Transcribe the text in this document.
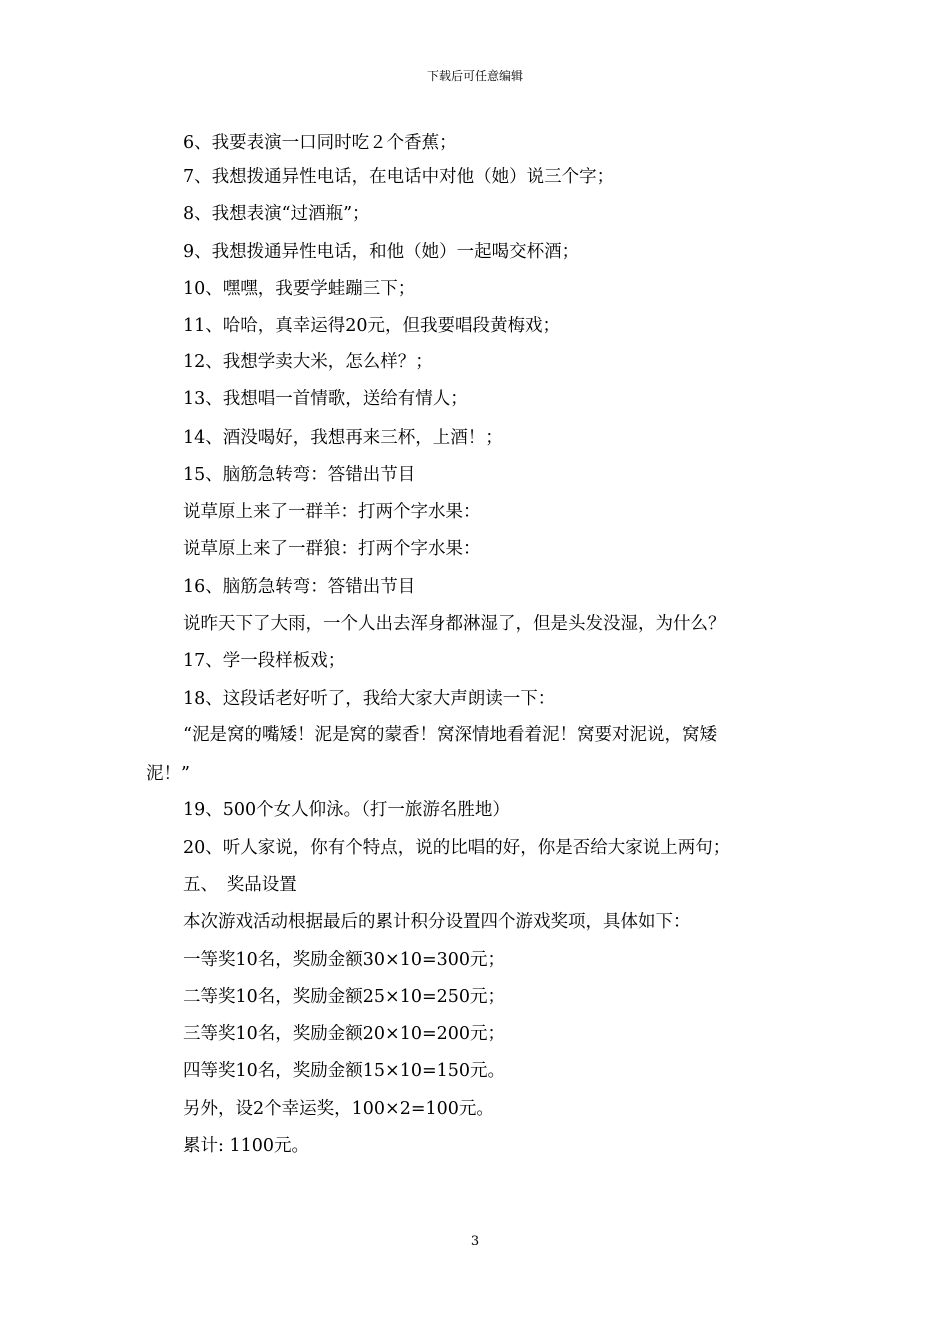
下载后可任意编辑
6、我要表演一口同时吃２个香蕉；
7、我想拨通异性电话，在电话中对他（她）说三个字；
8、我想表演“过酒瓶”；
9、我想拨通异性电话，和他（她）一起喝交杯酒；
10、嘿嘿，我要学蛙蹦三下；
11、哈哈，真幸运得20元，但我要唱段黄梅戏；
12、我想学卖大米，怎么样？；
13、我想唱一首情歌，送给有情人；
14、酒没喝好，我想再来三杯，上酒！；
15、脑筋急转弯：答错出节目
说草原上来了一群羊：打两个字水果：
说草原上来了一群狼：打两个字水果：
16、脑筋急转弯：答错出节目
说昨天下了大雨，一个人出去浑身都淋湿了，但是头发没湿，为什么？
17、学一段样板戏；
18、这段话老好听了，我给大家大声朗读一下：
“泥是窝的嘴矮！泥是窝的蒙香！窝深情地看着泥！窝要对泥说，窝矮
泥！”
19、500个女人仰泳。（打一旅游名胜地）
20、听人家说，你有个特点，说的比唱的好，你是否给大家说上两句；
五、　奖品设置
本次游戏活动根据最后的累计积分设置四个游戏奖项，具体如下：
一等奖10名，奖励金额30×10=300元；
二等奖10名，奖励金额25×10=250元；
三等奖10名，奖励金额20×10=200元；
四等奖10名，奖励金额15×10=150元。
另外，设2个幸运奖，100×2=100元。
累计: 1100元。
3
